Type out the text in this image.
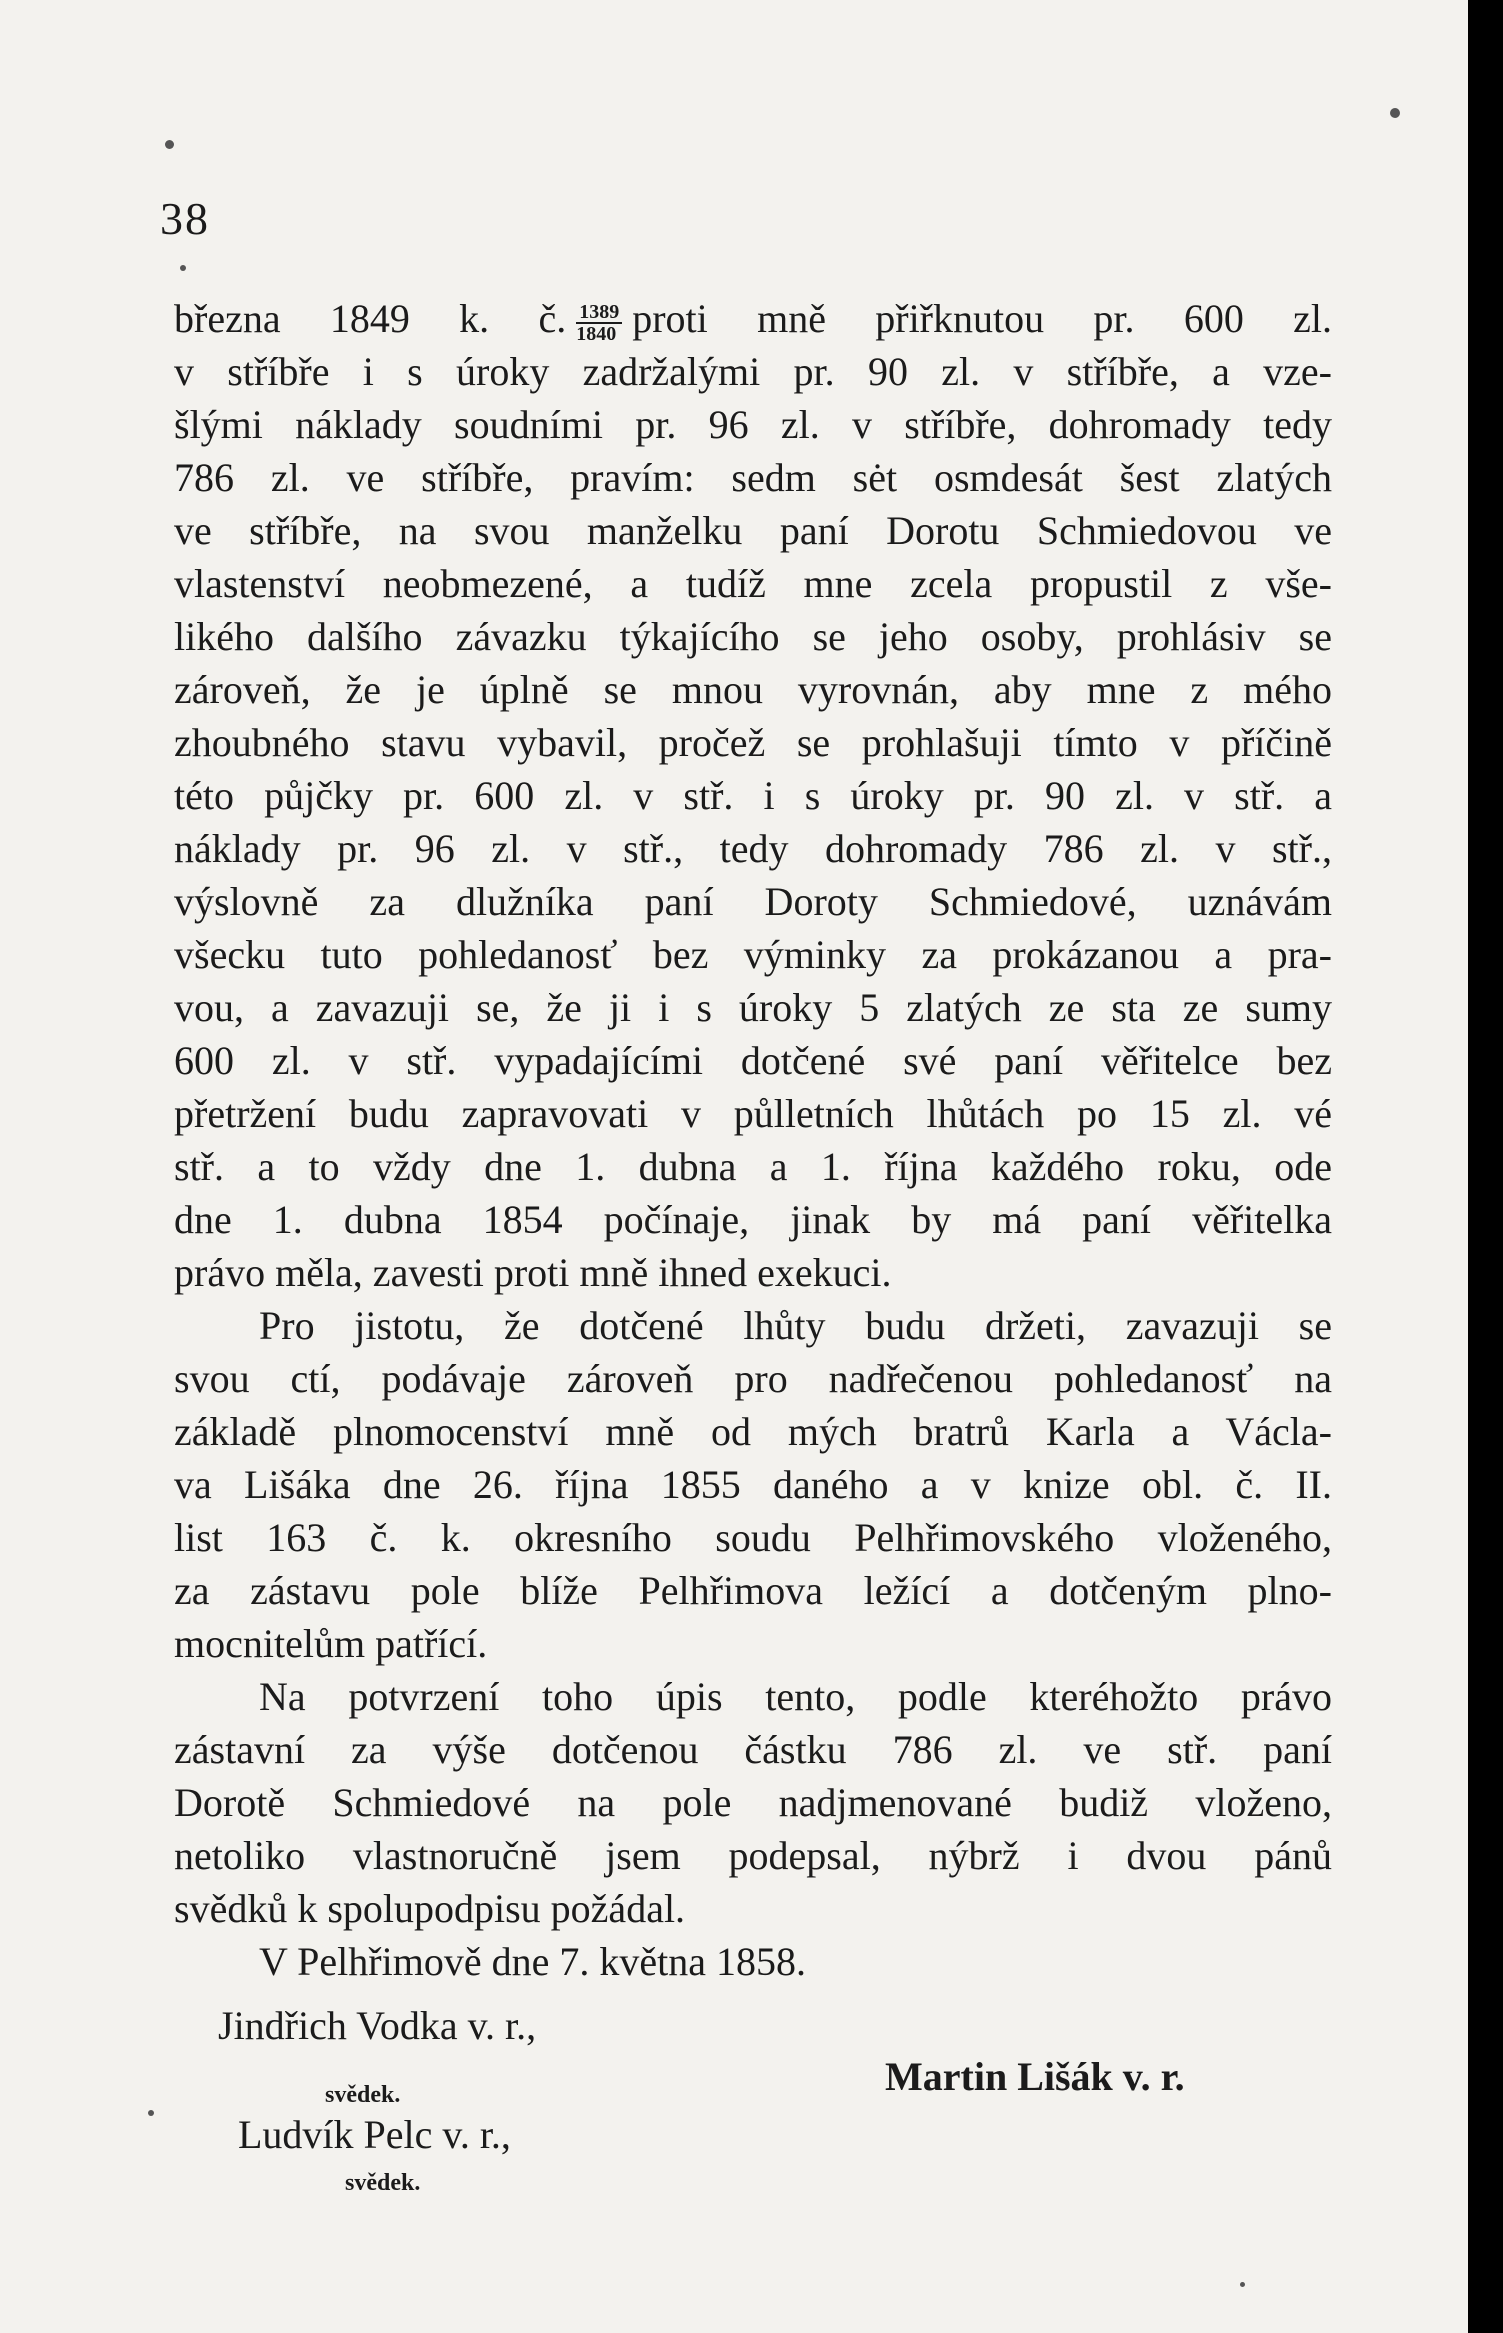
38
března 1849 k. č. $\frac{1389}{1840}$ proti mně přiřknutou pr. 600 zl.
v stříbře i s úroky zadržalými pr. 90 zl. v stříbře, a vze-
šlými náklady soudními pr. 96 zl. v stříbře, dohromady tedy
786 zl. ve stříbře, pravím: sedm sėt osmdesát šest zlatých
ve stříbře, na svou manželku paní Dorotu Schmiedovou ve
vlastenství neobmezené, a tudíž mne zcela propustil z vše-
likého dalšího závazku týkajícího se jeho osoby, prohlásiv se
zároveň, že je úplně se mnou vyrovnán, aby mne z mého
zhoubného stavu vybavil, pročež se prohlašuji tímto v příčině
této půjčky pr. 600 zl. v stř. i s úroky pr. 90 zl. v stř. a
náklady pr. 96 zl. v stř., tedy dohromady 786 zl. v stř.,
výslovně za dlužníka paní Doroty Schmiedové, uznávám
všecku tuto pohledanosť bez výminky za prokázanou a pra-
vou, a zavazuji se, že ji i s úroky 5 zlatých ze sta ze sumy
600 zl. v stř. vypadajícími dotčené své paní věřitelce bez
přetržení budu zapravovati v půlletních lhůtách po 15 zl. vé
stř. a to vždy dne 1. dubna a 1. října každého roku, ode
dne 1. dubna 1854 počínaje, jinak by má paní věřitelka
právo měla, zavesti proti mně ihned exekuci.
Pro jistotu, že dotčené lhůty budu držeti, zavazuji se
svou ctí, podávaje zároveň pro nadřečenou pohledanosť na
základě plnomocenství mně od mých bratrů Karla a Václa-
va Lišáka dne 26. října 1855 daného a v knize obl. č. II.
list 163 č. k. okresního soudu Pelhřimovského vloženého,
za zástavu pole blíže Pelhřimova ležící a dotčeným plno-
mocnitelům patřící.
Na potvrzení toho úpis tento, podle kteréhožto právo
zástavní za výše dotčenou částku 786 zl. ve stř. paní
Dorotě Schmiedové na pole nadjmenované budiž vloženo,
netoliko vlastnoručně jsem podepsal, nýbrž i dvou pánů
svědků k spolupodpisu požádal.
V Pelhřimově dne 7. května 1858.
Jindřich Vodka v. r.,
Martin Lišák v. r.
svědek.
Ludvík Pelc v. r.,
svědek.
